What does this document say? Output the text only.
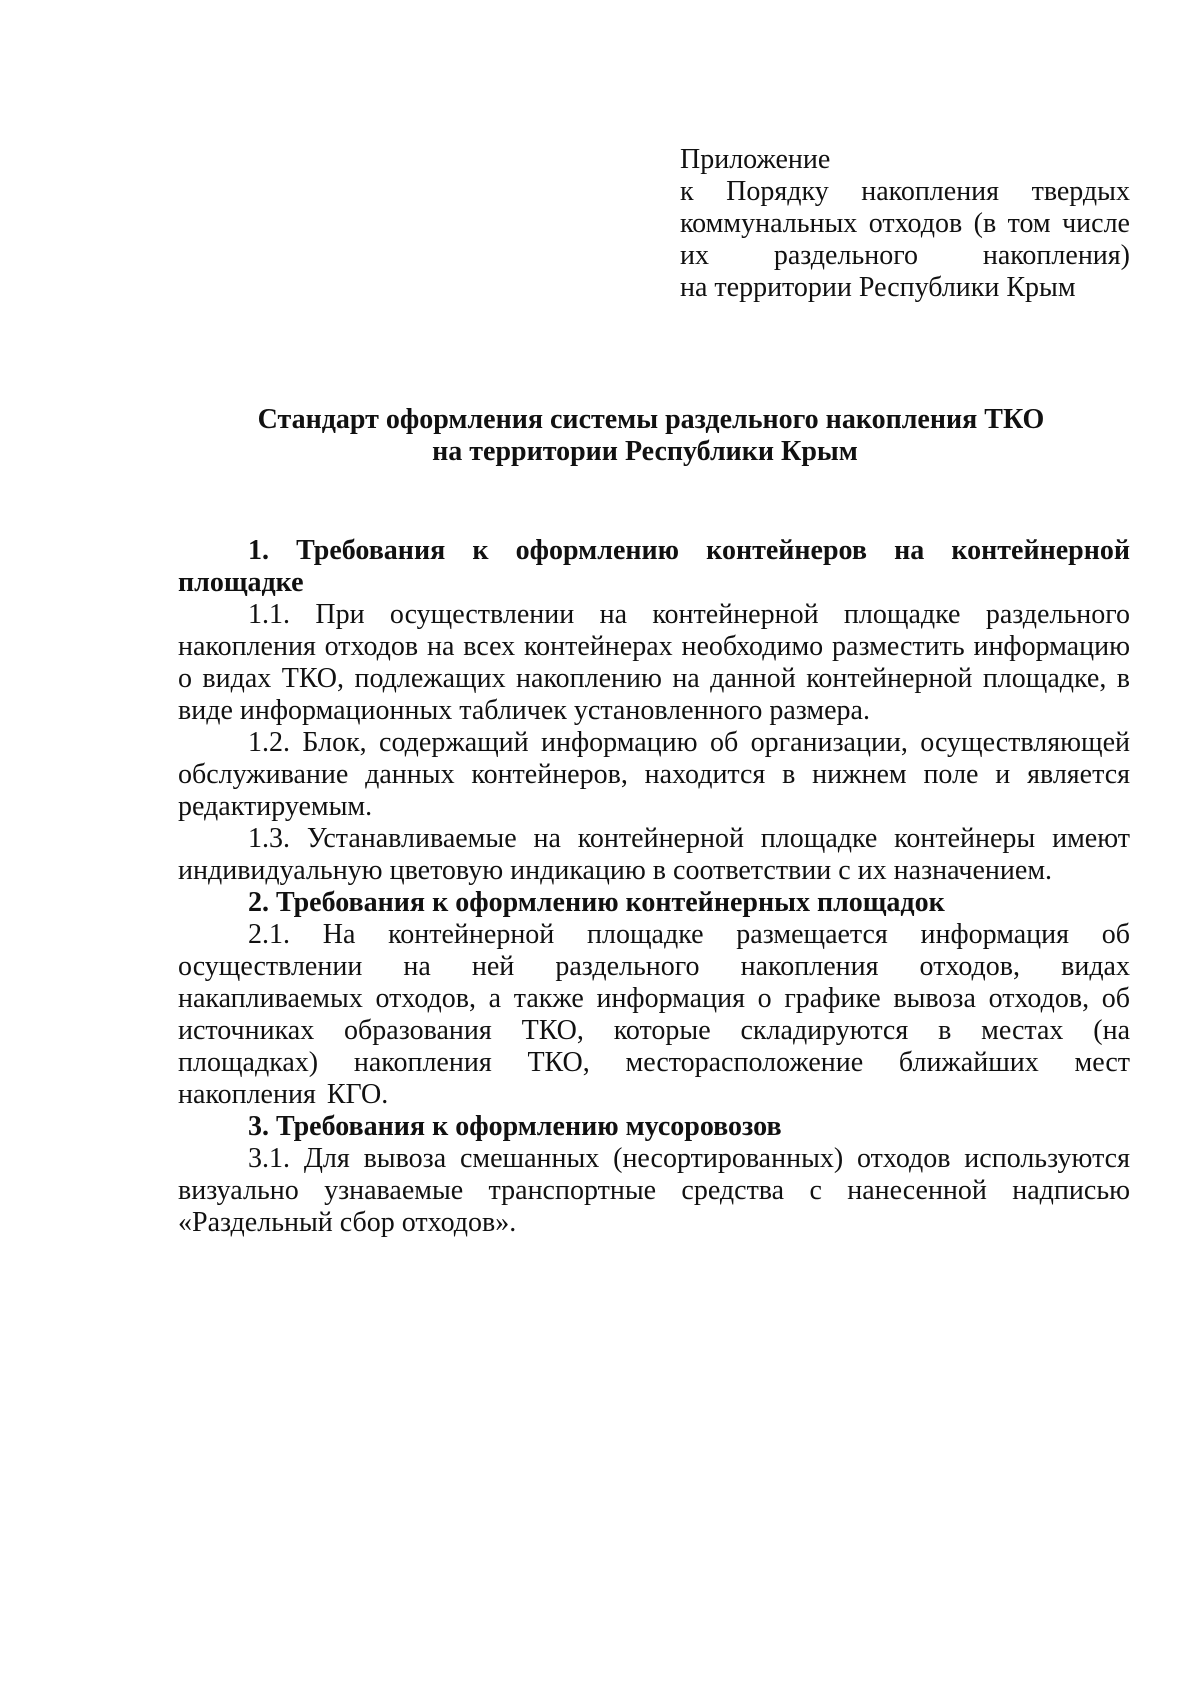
Приложение
к Порядку накопления твердых
коммунальных отходов (в том числе
их раздельного накопления)
на территории Республики Крым
Стандарт оформления системы раздельного накопления ТКО
на территории Республики Крым

1. Требования к оформлению контейнеров на контейнерной площадке

1.1. При осуществлении на контейнерной площадке раздельного накопления отходов на всех контейнерах необходимо разместить информацию о видах ТКО, подлежащих накоплению на данной контейнерной площадке, в виде информационных табличек установленного размера.

1.2. Блок, содержащий информацию об организации, осуществляющей обслуживание данных контейнеров, находится в нижнем поле и является редактируемым.

1.3. Устанавливаемые на контейнерной площадке контейнеры имеют индивидуальную цветовую индикацию в соответствии с их назначением.

2. Требования к оформлению контейнерных площадок

2.1. На контейнерной площадке размещается информация об осуществлении на ней раздельного накопления отходов, видах накапливаемых отходов, а также информация о графике вывоза отходов, об источниках образования ТКО, которые складируются в местах (на площадках) накопления ТКО, месторасположение ближайших мест накопления КГО.

3. Требования к оформлению мусоровозов

3.1. Для вывоза смешанных (несортированных) отходов используются визуально узнаваемые транспортные средства с нанесенной надписью «Раздельный сбор отходов».
